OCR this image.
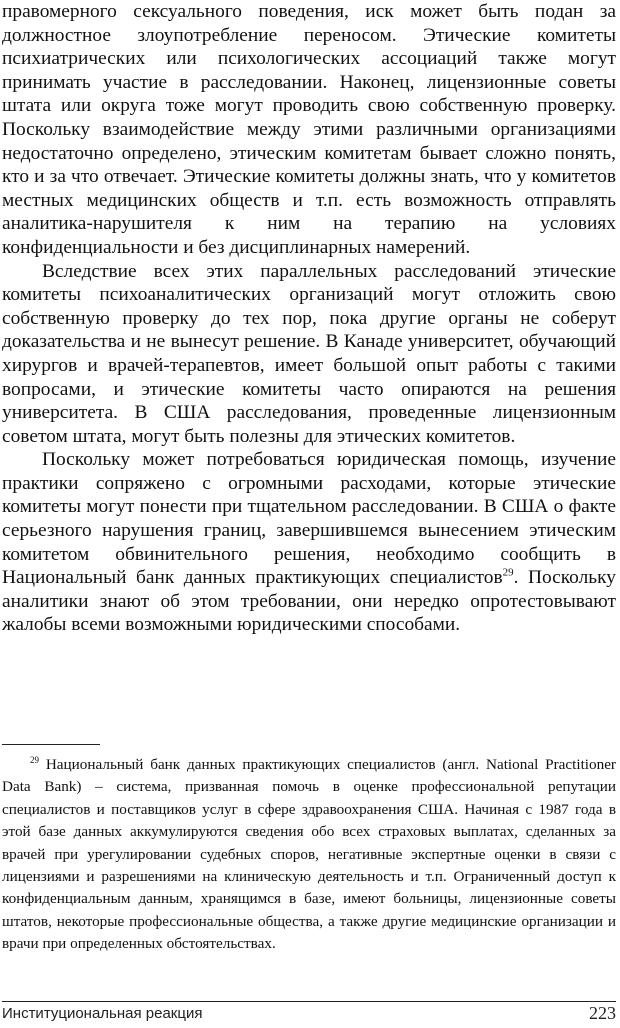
правомерного сексуального поведения, иск может быть подан за должностное злоупотребление переносом. Этические комитеты психиатрических или психологических ассоциаций также могут принимать участие в расследовании. Наконец, лицензионные советы штата или округа тоже могут проводить свою собственную проверку. Поскольку взаимодействие между этими различными организациями недостаточно определено, этическим комитетам бывает сложно понять, кто и за что отвечает. Этические комитеты должны знать, что у комитетов местных медицинских обществ и т.п. есть возможность отправлять аналитика-нарушителя к ним на терапию на условиях конфиденциальности и без дисциплинарных намерений.

Вследствие всех этих параллельных расследований этические комитеты психоаналитических организаций могут отложить свою собственную проверку до тех пор, пока другие органы не соберут доказательства и не вынесут решение. В Канаде университет, обучающий хирургов и врачей-терапевтов, имеет большой опыт работы с такими вопросами, и этические комитеты часто опираются на решения университета. В США расследования, проведенные лицензионным советом штата, могут быть полезны для этических комитетов.

Поскольку может потребоваться юридическая помощь, изучение практики сопряжено с огромными расходами, которые этические комитеты могут понести при тщательном расследовании. В США о факте серьезного нарушения границ, завершившемся вынесением этическим комитетом обвинительного решения, необходимо сообщить в Национальный банк данных практикующих специалистов$^{29}$. Поскольку аналитики знают об этом требовании, они нередко опротестовывают жалобы всеми возможными юридическими способами.

$^{29}$ Национальный банк данных практикующих специалистов (англ. National Practitioner Data Bank) – система, призванная помочь в оценке профессиональной репутации специалистов и поставщиков услуг в сфере здравоохранения США. Начиная с 1987 года в этой базе данных аккумулируются сведения обо всех страховых выплатах, сделанных за врачей при урегулировании судебных споров, негативные экспертные оценки в связи с лицензиями и разрешениями на клиническую деятельность и т.п. Ограниченный доступ к конфиденциальным данным, хранящимся в базе, имеют больницы, лицензионные советы штатов, некоторые профессиональные общества, а также другие медицинские организации и врачи при определенных обстоятельствах.
Институциональная реакция	223
